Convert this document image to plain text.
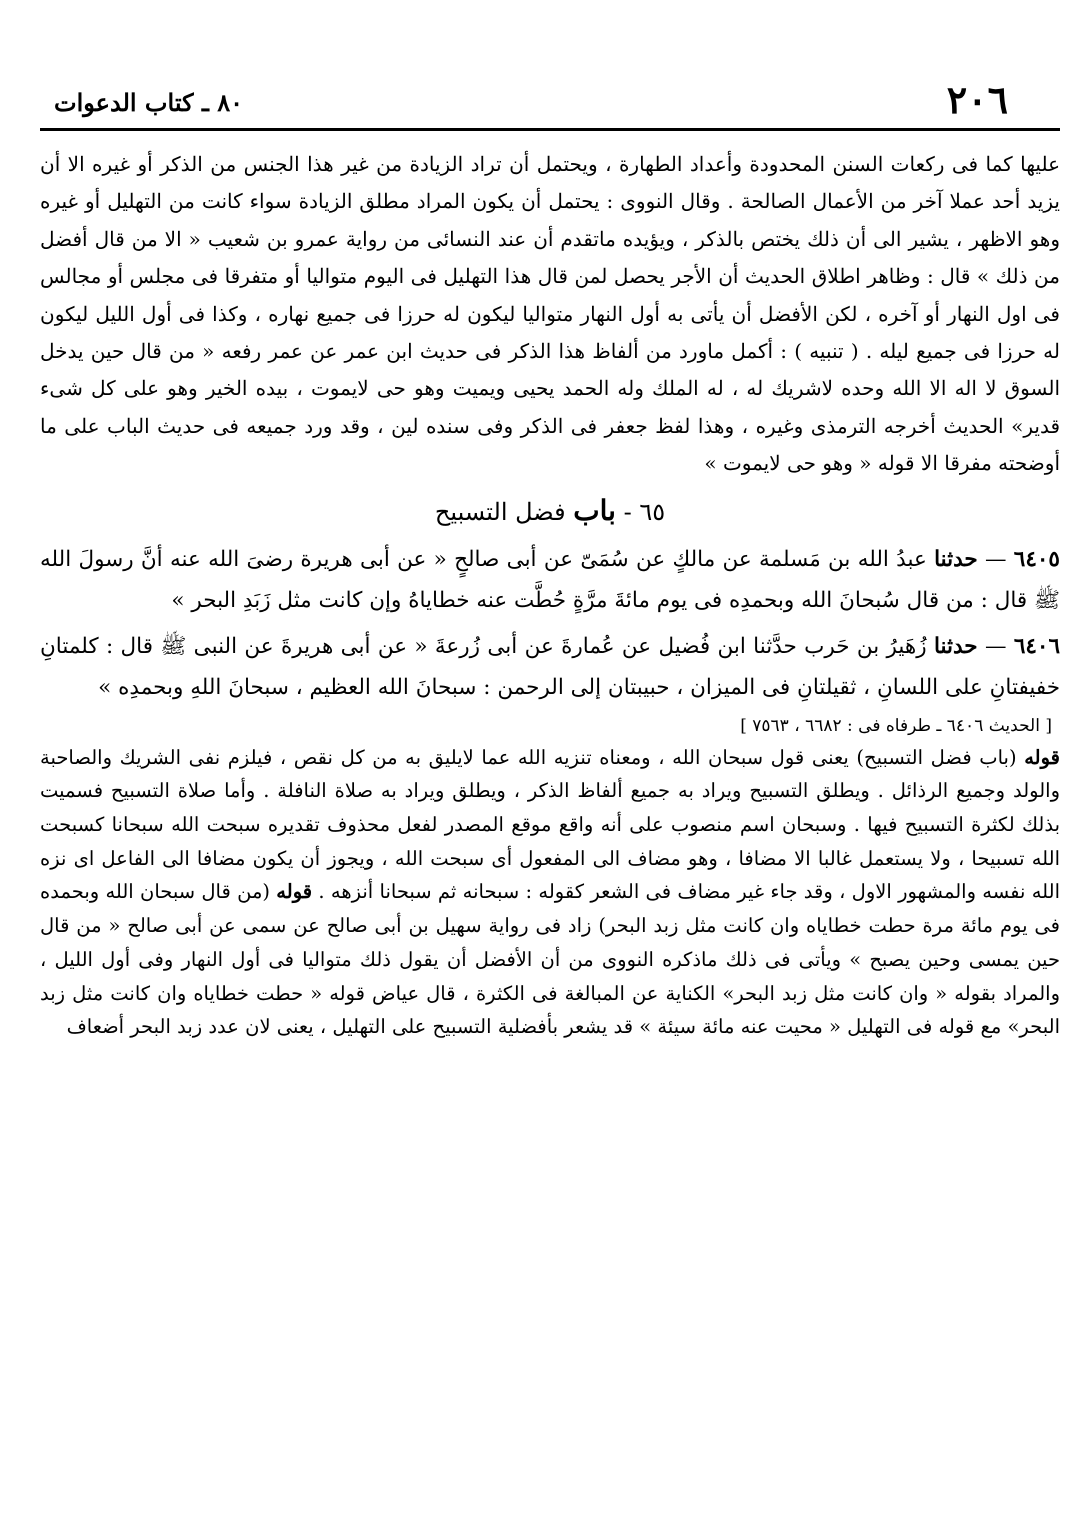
٢٠٦
٨٠ ـ كتاب الدعوات

عليها كما فى ركعات السنن المحدودة وأعداد الطهارة ، ويحتمل أن تراد الزيادة من غير هذا الجنس من الذكر أو غيره الا أن يزيد أحد عملا آخر من الأعمال الصالحة . وقال النووى : يحتمل أن يكون المراد مطلق الزيادة سواء كانت من التهليل أو غيره وهو الاظهر ، يشير الى أن ذلك يختص بالذكر ، ويؤيده ماتقدم أن عند النسائى من رواية عمرو بن شعيب « الا من قال أفضل من ذلك » قال : وظاهر اطلاق الحديث أن الأجر يحصل لمن قال هذا التهليل فى اليوم متواليا أو متفرقا فى مجلس أو مجالس فى اول النهار أو آخره ، لكن الأفضل أن يأتى به أول النهار متواليا ليكون له حرزا فى جميع نهاره ، وكذا فى أول الليل ليكون له حرزا فى جميع ليله . ( تنبيه ) : أكمل ماورد من ألفاظ هذا الذكر فى حديث ابن عمر عن عمر رفعه « من قال حين يدخل السوق لا اله الا الله وحده لاشريك له ، له الملك وله الحمد يحيى ويميت وهو حى لايموت ، بيده الخير وهو على كل شىء قدير» الحديث أخرجه الترمذى وغيره ، وهذا لفظ جعفر فى الذكر وفى سنده لين ، وقد ورد جميعه فى حديث الباب على ما أوضحته مفرقا الا قوله « وهو حى لايموت »

٦٥ - باب فضل التسبيح

٦٤٠٥ — حدثنا عبدُ الله بن مَسلمة عن مالكٍ عن سُمَىّ عن أبى صالحٍ « عن أبى هريرة رضىَ الله عنه أنَّ رسولَ الله ﷺ قال : من قال سُبحانَ الله وبحمدِه فى يوم مائةَ مرَّةٍ حُطَّت عنه خطاياهُ وإن كانت مثل زَبَدِ البحر »

٦٤٠٦ — حدثنا زُهَيرُ بن حَرب حدَّثنا ابن فُضيل عن عُمارةَ عن أبى زُرعةَ « عن أبى هريرةَ عن النبى ﷺ قال : كلمتانِ خفيفتانِ على اللسانِ ، ثقيلتانِ فى الميزان ، حبيبتان إلى الرحمن : سبحانَ الله العظيم ، سبحانَ اللهِ وبحمدِه »

[ الحديث ٦٤٠٦ ـ طرفاه فى : ٦٦٨٢ ، ٧٥٦٣ ]

قوله (باب فضل التسبيح) يعنى قول سبحان الله ، ومعناه تنزيه الله عما لايليق به من كل نقص ، فيلزم نفى الشريك والصاحبة والولد وجميع الرذائل . ويطلق التسبيح ويراد به جميع ألفاظ الذكر ، ويطلق ويراد به صلاة النافلة . وأما صلاة التسبيح فسميت بذلك لكثرة التسبيح فيها . وسبحان اسم منصوب على أنه واقع موقع المصدر لفعل محذوف تقديره سبحت الله سبحانا كسبحت الله تسبيحا ، ولا يستعمل غالبا الا مضافا ، وهو مضاف الى المفعول أى سبحت الله ، ويجوز أن يكون مضافا الى الفاعل اى نزه الله نفسه والمشهور الاول ، وقد جاء غير مضاف فى الشعر كقوله : سبحانه ثم سبحانا أنزهه . قوله (من قال سبحان الله وبحمده فى يوم مائة مرة حطت خطاياه وان كانت مثل زبد البحر) زاد فى رواية سهيل بن أبى صالح عن سمى عن أبى صالح « من قال حين يمسى وحين يصبح » ويأتى فى ذلك ماذكره النووى من أن الأفضل أن يقول ذلك متواليا فى أول النهار وفى أول الليل ، والمراد بقوله « وان كانت مثل زبد البحر» الكناية عن المبالغة فى الكثرة ، قال عياض قوله « حطت خطاياه وان كانت مثل زبد البحر» مع قوله فى التهليل « محيت عنه مائة سيئة » قد يشعر بأفضلية التسبيح على التهليل ، يعنى لان عدد زبد البحر أضعاف
